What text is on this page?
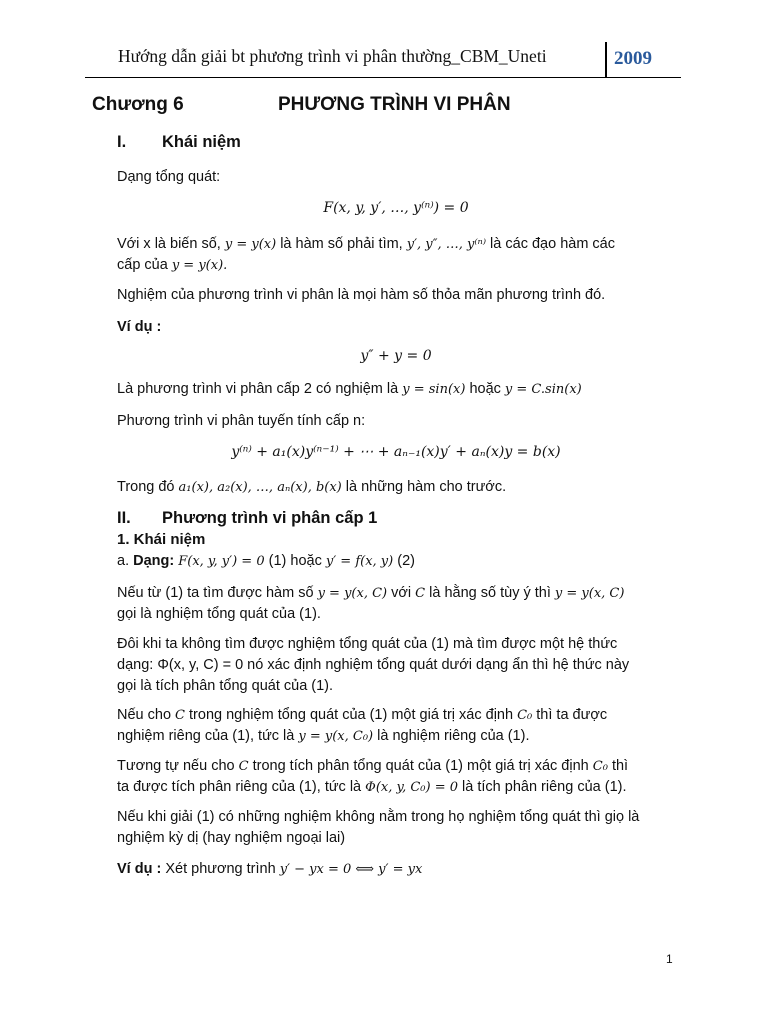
Hướng dẫn giải bt phương trình vi phân thường_CBM_Uneti	2009
Chương 6	PHƯƠNG TRÌNH VI PHÂN
I. Khái niệm
Dạng tổng quát:
F(x, y, y′, …, y⁽ⁿ⁾) = 0
Với x là biến số, y = y(x) là hàm số phải tìm, y′, y″, …, y⁽ⁿ⁾ là các đạo hàm các
cấp của y = y(x).
Nghiệm của phương trình vi phân là mọi hàm số thỏa mãn phương trình đó.
Ví dụ :
y″ + y = 0
Là phương trình vi phân cấp 2 có nghiệm là y = sin⁡(x) hoặc y = C.sin⁡(x)
Phương trình vi phân tuyến tính cấp n:
y⁽ⁿ⁾ + a₁(x)y⁽ⁿ⁻¹⁾ + ⋯ + aₙ₋₁(x)y′ + aₙ(x)y = b(x)
Trong đó a₁(x), a₂(x), …, aₙ(x), b(x) là những hàm cho trước.
II. Phương trình vi phân cấp 1
1. Khái niệm
a. Dạng: F(x, y, y′) = 0 (1) hoặc y′ = f(x, y) (2)
Nếu từ (1) ta tìm được hàm số y = y(x, C) với C là hằng số tùy ý thì y = y(x, C)
gọi là nghiệm tổng quát của (1).
Đôi khi ta không tìm được nghiệm tổng quát của (1) mà tìm được một hệ thức
dạng: Φ(x, y, C) = 0 nó xác định nghiệm tổng quát dưới dạng ẩn thì hệ thức này
gọi là tích phân tổng quát của (1).
Nếu cho C trong nghiệm tổng quát của (1) một giá trị xác định C₀ thì ta được
nghiệm riêng của (1), tức là y = y(x, C₀) là nghiệm riêng của (1).
Tương tự nếu cho C trong tích phân tổng quát của (1) một giá trị xác định C₀ thì
ta được tích phân riêng của (1), tức là Φ(x, y, C₀) = 0 là tích phân riêng của (1).
Nếu khi giải (1) có những nghiệm không nằm trong họ nghiệm tổng quát thì giọ là
nghiệm kỳ dị (hay nghiệm ngoại lai)
Ví dụ : Xét phương trình y′ − yx = 0 ⟺ y′ = yx
1
